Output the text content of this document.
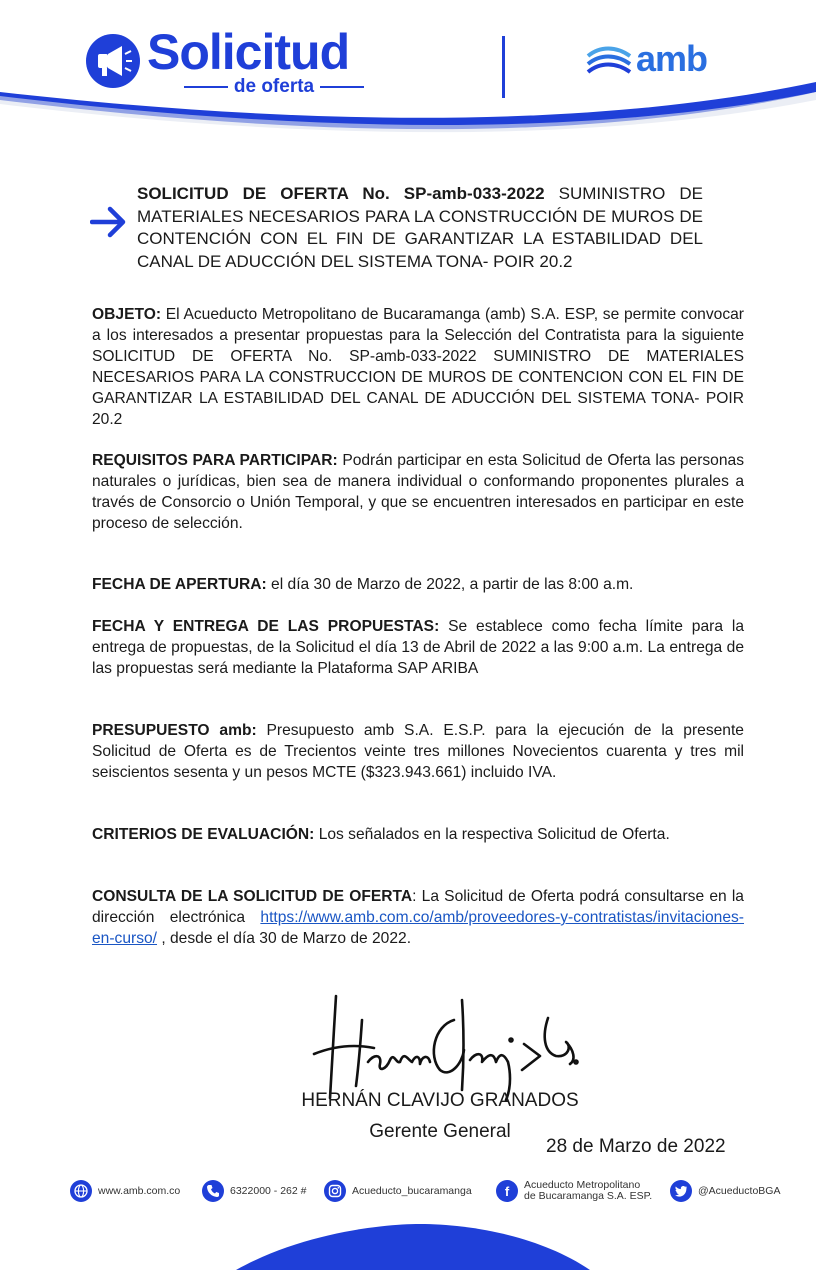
Solicitud
de oferta
amb
SOLICITUD DE OFERTA No. SP-amb-033-2022 SUMINISTRO DE MATERIALES NECESARIOS PARA LA CONSTRUCCIÓN DE MUROS DE CONTENCIÓN CON EL FIN DE GARANTIZAR LA ESTABILIDAD DEL CANAL DE ADUCCIÓN DEL SISTEMA TONA- POIR 20.2
OBJETO: El Acueducto Metropolitano de Bucaramanga (amb) S.A. ESP, se permite convocar a los interesados a presentar propuestas para la Selección del Contratista para la siguiente SOLICITUD DE OFERTA No. SP-amb-033-2022 SUMINISTRO DE MATERIALES NECESARIOS PARA LA CONSTRUCCION DE MUROS DE CONTENCION CON EL FIN DE GARANTIZAR LA ESTABILIDAD DEL CANAL DE ADUCCIÓN DEL SISTEMA TONA- POIR 20.2
REQUISITOS PARA PARTICIPAR: Podrán participar en esta Solicitud de Oferta las personas naturales o jurídicas, bien sea de manera individual o conformando proponentes plurales a través de Consorcio o Unión Temporal, y que se encuentren interesados en participar en este proceso de selección.
FECHA DE APERTURA: el día 30 de Marzo de 2022, a partir de las 8:00 a.m.
FECHA Y ENTREGA DE LAS PROPUESTAS: Se establece como fecha límite para la entrega de propuestas, de la Solicitud el día 13 de Abril de 2022 a las 9:00 a.m. La entrega de las propuestas será mediante la Plataforma SAP ARIBA
PRESUPUESTO amb: Presupuesto amb S.A. E.S.P. para la ejecución de la presente Solicitud de Oferta es de Trecientos veinte tres millones Novecientos cuarenta y tres mil seiscientos sesenta y un pesos MCTE ($323.943.661) incluido IVA.
CRITERIOS DE EVALUACIÓN: Los señalados en la respectiva Solicitud de Oferta.
CONSULTA DE LA SOLICITUD DE OFERTA: La Solicitud de Oferta podrá consultarse en la dirección electrónica https://www.amb.com.co/amb/proveedores-y-contratistas/invitaciones-en-curso/ , desde el día 30 de Marzo de 2022.
HERNÁN CLAVIJO GRANADOS
Gerente General
28 de Marzo de 2022
www.amb.com.co	6322000 - 262 #	Acueducto_bucaramanga	f	Acueducto Metropolitano
de Bucaramanga S.A. ESP.	@AcueductoBGA
